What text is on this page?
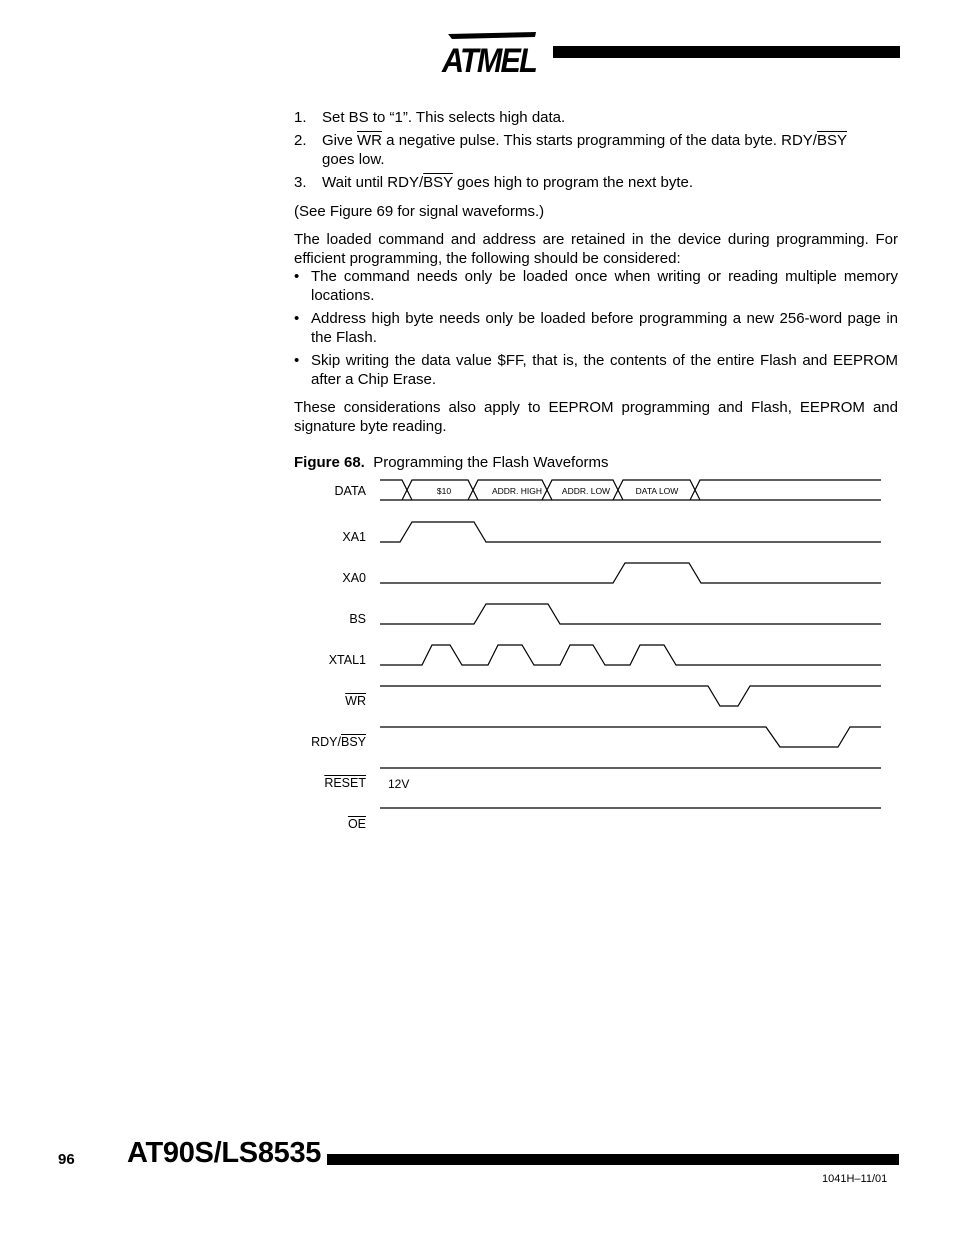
ATMEL
1. Set BS to “1”. This selects high data.
2. Give $\overline{WR}$ a negative pulse. This starts programming of the data byte. RDY/$\overline{BSY}$
goes low.
3. Wait until RDY/$\overline{BSY}$ goes high to program the next byte.
(See Figure 69 for signal waveforms.)
The loaded command and address are retained in the device during programming. For efficient programming, the following should be considered:
• The command needs only be loaded once when writing or reading multiple memory locations.
• Address high byte needs only be loaded before programming a new 256-word page in the Flash.
• Skip writing the data value $FF, that is, the contents of the entire Flash and EEPROM after a Chip Erase.
These considerations also apply to EEPROM programming and Flash, EEPROM and signature byte reading.
Figure 68. Programming the Flash Waveforms
DATA
XA1
XA0
BS
XTAL1
$\overline{WR}$
RDY/$\overline{BSY}$
RESET
$\overline{OE}$
$10	ADDR. HIGH ADDR. LOW	DATA LOW
12V
96 AT90S/LS8535
1041H–11/01
